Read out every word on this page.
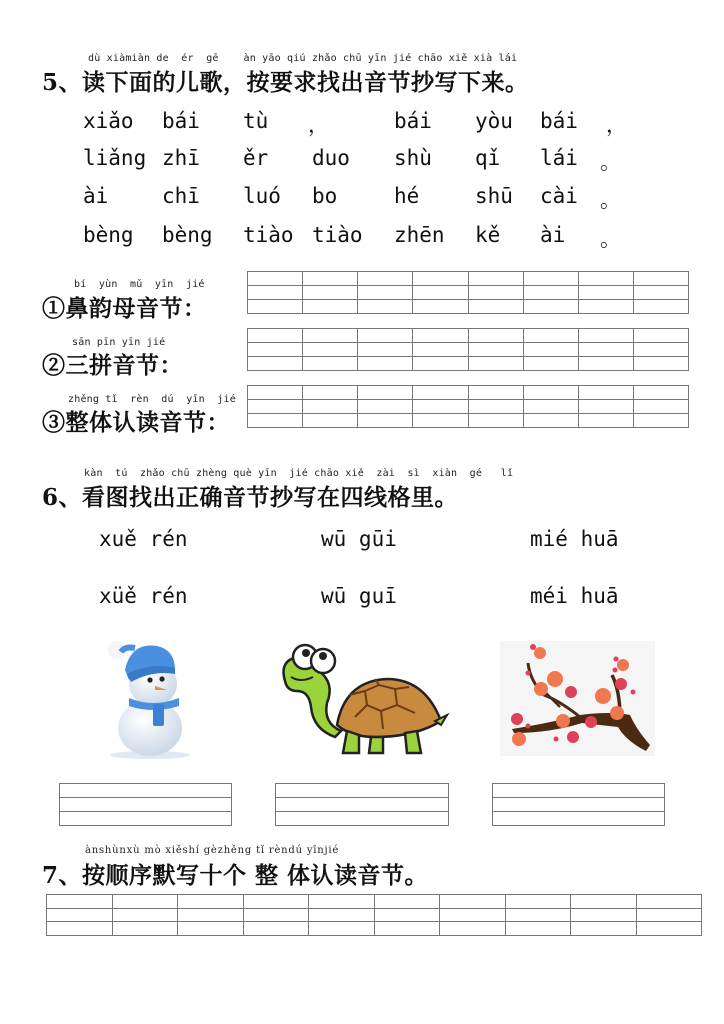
dù xiàmiàn de  ér  gē    àn yāo qiú zhǎo chū yīn jié chāo xiě xià lái
5、读下面的儿歌，按要求找出音节抄写下来。
xiǎo bái tù ，	bái yòu bái ，
liǎng zhī ěr duo shù qǐ lái 。
ài	chī luó bo	hé	shū cài 。
bèng bèng tiào tiào zhēn kě ài 。
bí  yùn  mǔ  yīn  jié
①鼻韵母音节：
sān pīn yīn jié
②三拼音节：
zhěng tǐ  rèn  dú  yīn  jié
③整体认读音节：
kàn  tú  zhǎo chū zhèng què yīn  jié chāo xiě  zài  sì  xiàn  gé   lǐ
6、看图找出正确音节抄写在四线格里。
xuě rén	wū gūi	mié huā
xüě rén	wū guī	méi huā
ànshùnxù mò xiěshí gèzhěng tǐ rèndú yīnjié
7、按顺序默写十个 整 体认读音节。
